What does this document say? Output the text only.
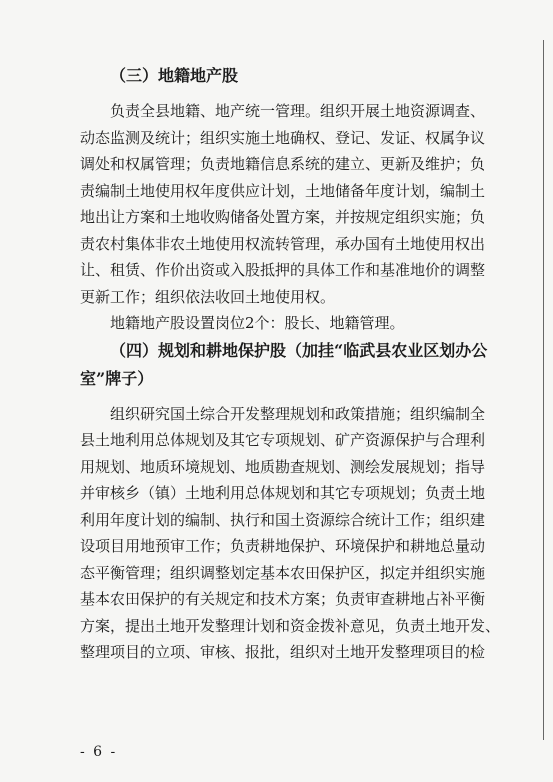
（三）地籍地产股

负责全县地籍、地产统一管理。组织开展土地资源调查、
动态监测及统计；组织实施土地确权、登记、发证、权属争议
调处和权属管理；负责地籍信息系统的建立、更新及维护；负
责编制土地使用权年度供应计划，土地储备年度计划，编制土
地出让方案和土地收购储备处置方案，并按规定组织实施；负
责农村集体非农土地使用权流转管理，承办国有土地使用权出
让、租赁、作价出资或入股抵押的具体工作和基准地价的调整
更新工作；组织依法收回土地使用权。
地籍地产股设置岗位2个：股长、地籍管理。

（四）规划和耕地保护股（加挂“临武县农业区划办公
室”牌子）

组织研究国土综合开发整理规划和政策措施；组织编制全
县土地利用总体规划及其它专项规划、矿产资源保护与合理利
用规划、地质环境规划、地质勘查规划、测绘发展规划；指导
并审核乡（镇）土地利用总体规划和其它专项规划；负责土地
利用年度计划的编制、执行和国土资源综合统计工作；组织建
设项目用地预审工作；负责耕地保护、环境保护和耕地总量动
态平衡管理；组织调整划定基本农田保护区，拟定并组织实施
基本农田保护的有关规定和技术方案；负责审查耕地占补平衡
方案，提出土地开发整理计划和资金拨补意见，负责土地开发、
整理项目的立项、审核、报批，组织对土地开发整理项目的检

- 6 -
